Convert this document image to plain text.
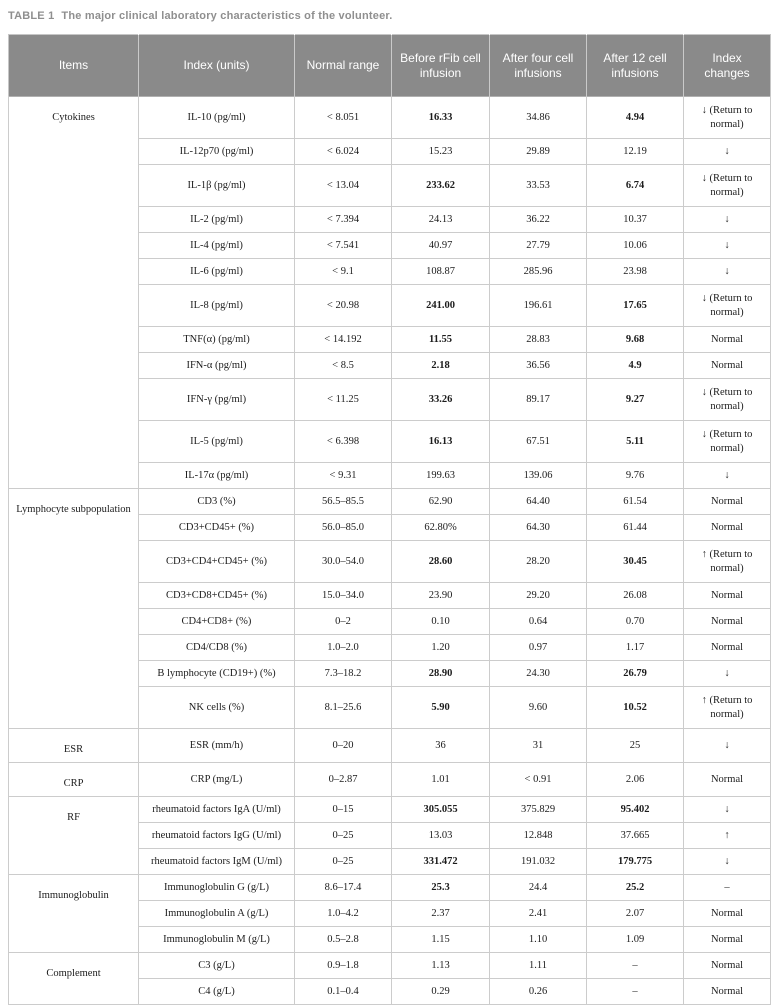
TABLE 1 The major clinical laboratory characteristics of the volunteer.
Items	Index (units)	Normal range	Before rFib cell infusion	After four cell infusions	After 12 cell infusions	Index changes
Cytokines	IL-10 (pg/ml)	< 8.051	16.33	34.86	4.94	↓ (Return to normal)
	IL-12p70 (pg/ml)	< 6.024	15.23	29.89	12.19	↓
	IL-1β (pg/ml)	< 13.04	233.62	33.53	6.74	↓ (Return to normal)
	IL-2 (pg/ml)	< 7.394	24.13	36.22	10.37	↓
	IL-4 (pg/ml)	< 7.541	40.97	27.79	10.06	↓
	IL-6 (pg/ml)	< 9.1	108.87	285.96	23.98	↓
	IL-8 (pg/ml)	< 20.98	241.00	196.61	17.65	↓ (Return to normal)
	TNF(α) (pg/ml)	< 14.192	11.55	28.83	9.68	Normal
	IFN-α (pg/ml)	< 8.5	2.18	36.56	4.9	Normal
	IFN-γ (pg/ml)	< 11.25	33.26	89.17	9.27	↓ (Return to normal)
	IL-5 (pg/ml)	< 6.398	16.13	67.51	5.11	↓ (Return to normal)
	IL-17α (pg/ml)	< 9.31	199.63	139.06	9.76	↓
Lymphocyte subpopulation	CD3 (%)	56.5–85.5	62.90	64.40	61.54	Normal
	CD3+CD45+ (%)	56.0–85.0	62.80%	64.30	61.44	Normal
	CD3+CD4+CD45+ (%)	30.0–54.0	28.60	28.20	30.45	↑ (Return to normal)
	CD3+CD8+CD45+ (%)	15.0–34.0	23.90	29.20	26.08	Normal
	CD4+CD8+ (%)	0–2	0.10	0.64	0.70	Normal
	CD4/CD8 (%)	1.0–2.0	1.20	0.97	1.17	Normal
	B lymphocyte (CD19+) (%)	7.3–18.2	28.90	24.30	26.79	↓
	NK cells (%)	8.1–25.6	5.90	9.60	10.52	↑ (Return to normal)
ESR	ESR (mm/h)	0–20	36	31	25	↓
CRP	CRP (mg/L)	0–2.87	1.01	< 0.91	2.06	Normal
RF	rheumatoid factors IgA (U/ml)	0–15	305.055	375.829	95.402	↓
	rheumatoid factors IgG (U/ml)	0–25	13.03	12.848	37.665	↑
	rheumatoid factors IgM (U/ml)	0–25	331.472	191.032	179.775	↓
Immunoglobulin	Immunoglobulin G (g/L)	8.6–17.4	25.3	24.4	25.2	–
	Immunoglobulin A (g/L)	1.0–4.2	2.37	2.41	2.07	Normal
	Immunoglobulin M (g/L)	0.5–2.8	1.15	1.10	1.09	Normal
Complement	C3 (g/L)	0.9–1.8	1.13	1.11	–	Normal
	C4 (g/L)	0.1–0.4	0.29	0.26	–	Normal
